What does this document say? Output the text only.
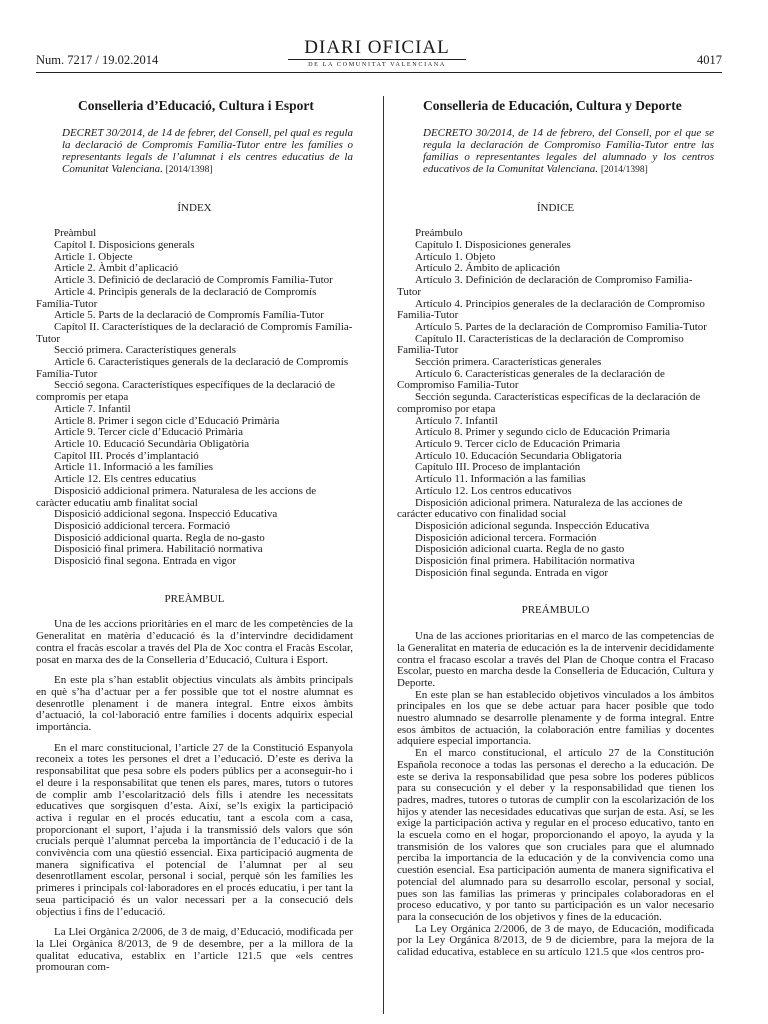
Num. 7217 / 19.02.2014
DIARI OFICIAL
DE LA COMUNITAT VALENCIANA	4017
Conselleria d’Educació, Cultura i Esport

DECRET 30/2014, de 14 de febrer, del Consell, pel qual es regula la declaració de Compromís Família-Tutor entre les famílies o representants legals de l’alumnat i els centres educatius de la Comunitat Valenciana. [2014/1398]

ÍNDEX
Preàmbul
Capítol I. Disposicions generals
Article 1. Objecte
Article 2. Àmbit d’aplicació
Article 3. Definició de declaració de Compromís Família-Tutor
Article 4. Principis generals de la declaració de Compromís Família-Tutor
Article 5. Parts de la declaració de Compromís Família-Tutor
Capítol II. Característiques de la declaració de Compromís Família-Tutor
Secció primera. Característiques generals
Article 6. Característiques generals de la declaració de Compromís Família-Tutor
Secció segona. Característiques específiques de la declaració de compromís per etapa
Article 7. Infantil
Article 8. Primer i segon cicle d’Educació Primària
Article 9. Tercer cicle d’Educació Primària
Article 10. Educació Secundària Obligatòria
Capítol III. Procés d’implantació
Article 11. Informació a les famílies
Article 12. Els centres educatius
Disposició addicional primera. Naturalesa de les accions de caràcter educatiu amb finalitat social
Disposició addicional segona. Inspecció Educativa
Disposició addicional tercera. Formació
Disposició addicional quarta. Regla de no-gasto
Disposició final primera. Habilitació normativa
Disposició final segona. Entrada en vigor
PREÀMBUL

Una de les accions prioritàries en el marc de les competències de la Generalitat en matèria d’educació és la d’intervindre decididament contra el fracàs escolar a través del Pla de Xoc contra el Fracàs Escolar, posat en marxa des de la Conselleria d’Educació, Cultura i Esport.

En este pla s’han establit objectius vinculats als àmbits principals en què s’ha d’actuar per a fer possible que tot el nostre alumnat es desenrotlle plenament i de manera integral. Entre eixos àmbits d’actuació, la col·laboració entre famílies i docents adquirix especial importància.

En el marc constitucional, l’article 27 de la Constitució Espanyola reconeix a totes les persones el dret a l’educació. D’este es deriva la responsabilitat que pesa sobre els poders públics per a aconseguir-ho i el deure i la responsabilitat que tenen els pares, mares, tutors o tutores de complir amb l’escolarització dels fills i atendre les necessitats educatives que sorgisquen d’esta. Així, se’ls exigix la participació activa i regular en el procés educatiu, tant a escola com a casa, proporcionant el suport, l’ajuda i la transmissió dels valors que són crucials perquè l’alumnat perceba la importància de l’educació i de la convivència com una qüestió essencial. Eixa participació augmenta de manera significativa el potencial de l’alumnat per al seu desenrotllament escolar, personal i social, perquè són les famílies les primeres i principals col·laboradores en el procés educatiu, i per tant la seua participació és un valor necessari per a la consecució dels objectius i fins de l’educació.

La Llei Orgànica 2/2006, de 3 de maig, d’Educació, modificada per la Llei Orgànica 8/2013, de 9 de desembre, per a la millora de la qualitat educativa, establix en l’article 121.5 que «els centres promouran com-

Conselleria de Educación, Cultura y Deporte

DECRETO 30/2014, de 14 de febrero, del Consell, por el que se regula la declaración de Compromiso Familia-Tutor entre las familias o representantes legales del alumnado y los centros educativos de la Comunitat Valenciana. [2014/1398]

ÍNDICE
Preámbulo
Capítulo I. Disposiciones generales
Artículo 1. Objeto
Artículo 2. Ámbito de aplicación
Artículo 3. Definición de declaración de Compromiso Familia-Tutor
Artículo 4. Principios generales de la declaración de Compromiso Familia-Tutor
Artículo 5. Partes de la declaración de Compromiso Familia-Tutor
Capítulo II. Características de la declaración de Compromiso Familia-Tutor
Sección primera. Características generales
Artículo 6. Características generales de la declaración de Compromiso Familia-Tutor
Sección segunda. Características específicas de la declaración de compromiso por etapa
Artículo 7. Infantil
Artículo 8. Primer y segundo ciclo de Educación Primaria
Artículo 9. Tercer ciclo de Educación Primaria
Artículo 10. Educación Secundaria Obligatoria
Capítulo III. Proceso de implantación
Artículo 11. Información a las familias
Artículo 12. Los centros educativos
Disposición adicional primera. Naturaleza de las acciones de carácter educativo con finalidad social
Disposición adicional segunda. Inspección Educativa
Disposición adicional tercera. Formación
Disposición adicional cuarta. Regla de no gasto
Disposición final primera. Habilitación normativa
Disposición final segunda. Entrada en vigor
PREÁMBULO

Una de las acciones prioritarias en el marco de las competencias de la Generalitat en materia de educación es la de intervenir decididamente contra el fracaso escolar a través del Plan de Choque contra el Fracaso Escolar, puesto en marcha desde la Conselleria de Educación, Cultura y Deporte.

En este plan se han establecido objetivos vinculados a los ámbitos principales en los que se debe actuar para hacer posible que todo nuestro alumnado se desarrolle plenamente y de forma integral. Entre esos ámbitos de actuación, la colaboración entre familias y docentes adquiere especial importancia.

En el marco constitucional, el artículo 27 de la Constitución Española reconoce a todas las personas el derecho a la educación. De este se deriva la responsabilidad que pesa sobre los poderes públicos para su consecución y el deber y la responsabilidad que tienen los padres, madres, tutores o tutoras de cumplir con la escolarización de los hijos y atender las necesidades educativas que surjan de esta. Así, se les exige la participación activa y regular en el proceso educativo, tanto en la escuela como en el hogar, proporcionando el apoyo, la ayuda y la transmisión de los valores que son cruciales para que el alumnado perciba la importancia de la educación y de la convivencia como una cuestión esencial. Esa participación aumenta de manera significativa el potencial del alumnado para su desarrollo escolar, personal y social, pues son las familias las primeras y principales colaboradoras en el proceso educativo, y por tanto su participación es un valor necesario para la consecución de los objetivos y fines de la educación.

La Ley Orgánica 2/2006, de 3 de mayo, de Educación, modificada por la Ley Orgánica 8/2013, de 9 de diciembre, para la mejora de la calidad educativa, establece en su artículo 121.5 que «los centros pro-
